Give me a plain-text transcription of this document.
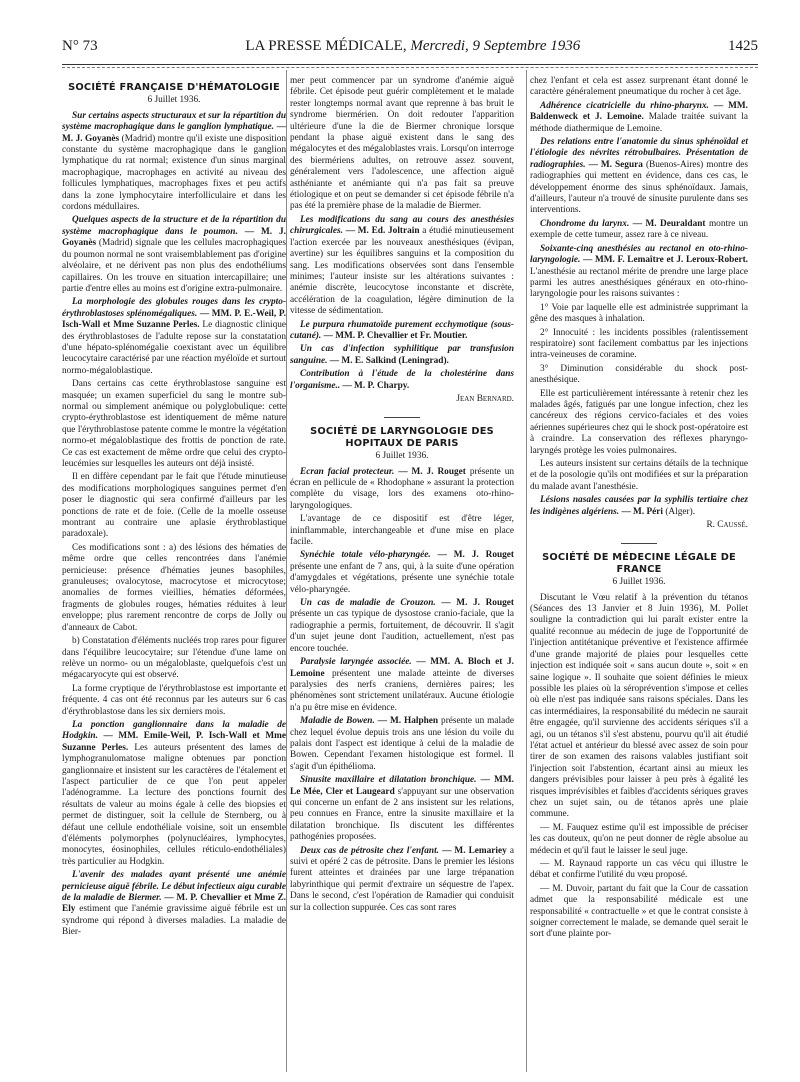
N° 73	LA PRESSE MÉDICALE, Mercredi, 9 Septembre 1936	1425
SOCIÉTÉ FRANÇAISE D'HÉMATOLOGIE
6 Juillet 1936.

Sur certains aspects structuraux et sur la répartition du système macrophagique dans le ganglion lymphatique. — M. J. Goyanès (Madrid) montre qu'il existe une disposition constante du système macrophagique dans le ganglion lymphatique du rat normal; existence d'un sinus marginal macrophagique, macrophages en activité au niveau des follicules lymphatiques, macrophages fixes et peu actifs dans la zone lymphocytaire interfolliculaire et dans les cordons médullaires.

Quelques aspects de la structure et de la répartition du système macrophagique dans le poumon. — M. J. Goyanès (Madrid) signale que les cellules macrophagiques du poumon normal ne sont vraisemblablement pas d'origine alvéolaire, et ne dérivent pas non plus des endothéliums capillaires. On les trouve en situation intercapillaire; une partie d'entre elles au moins est d'origine extra-pulmonaire.

La morphologie des globules rouges dans les crypto-érythroblastoses splénomégaliques. — MM. P. E.-Weil, P. Isch-Wall et Mme Suzanne Perles. Le diagnostic clinique des érythroblastoses de l'adulte repose sur la constatation d'une hépato-splénomégalie coexistant avec un équilibre leucocytaire caractérisé par une réaction myéloïde et surtout normo-mégaloblastique.

Dans certains cas cette érythroblastose sanguine est masquée; un examen superficiel du sang le montre sub-normal ou simplement anémique ou polyglobulique: cette crypto-érythroblastose est identiquement de même nature que l'érythroblastose patente comme le montre la végétation normo-et mégaloblastique des frottis de ponction de rate. Ce cas est exactement de même ordre que celui des crypto-leucémies sur lesquelles les auteurs ont déjà insisté.

Il en diffère cependant par le fait que l'étude minutieuse des modifications morphologiques sanguines permet d'en poser le diagnostic qui sera confirmé d'ailleurs par les ponctions de rate et de foie. (Celle de la moelle osseuse montrant au contraire une aplasie érythroblastique paradoxale).

Ces modifications sont : a) des lésions des hématies de même ordre que celles rencontrées dans l'anémie pernicieuse: présence d'hématies jeunes basophiles, granuleuses; ovalocytose, macrocytose et microcytose; anomalies de formes vieillies, hématies déformées, fragments de globules rouges, hématies réduites à leur enveloppe; plus rarement rencontre de corps de Jolly ou d'anneaux de Cabot.

b) Constatation d'éléments nucléés trop rares pour figurer dans l'équilibre leucocytaire; sur l'étendue d'une lame on relève un normo- ou un mégaloblaste, quelquefois c'est un mégacaryocyte qui est observé.

La forme cryptique de l'érythroblastose est importante et fréquente. 4 cas ont été reconnus par les auteurs sur 6 cas d'érythroblastose dans les six derniers mois.

La ponction ganglionnaire dans la maladie de Hodgkin. — MM. Emile-Weil, P. Isch-Wall et Mme Suzanne Perles. Les auteurs présentent des lames de lymphogranulomatose maligne obtenues par ponction ganglionnaire et insistent sur les caractères de l'étalement et l'aspect particulier de ce que l'on peut appeler l'adénogramme. La lecture des ponctions fournit des résultats de valeur au moins égale à celle des biopsies et permet de distinguer, soit la cellule de Sternberg, ou à défaut une cellule endothéliale voisine, soit un ensemble d'éléments polymorphes (polynucléaires, lymphocytes, monocytes, éosinophiles, cellules réticulo-endothéliales) très particulier au Hodgkin.

L'avenir des malades ayant présenté une anémie pernicieuse aiguë fébrile. Le début infectieux aigu curable de la maladie de Biermer. — M. P. Chevallier et Mme Z. Ely estiment que l'anémie gravissime aiguë fébrile est un syndrome qui répond à diverses maladies. La maladie de Bier-

mer peut commencer par un syndrome d'anémie aiguë fébrile. Cet épisode peut guérir complètement et le malade rester longtemps normal avant que reprenne à bas bruit le syndrome biermérien. On doit redouter l'apparition ultérieure d'une la die de Biermer chronique lorsque pendant la phase aiguë existent dans le sang des mégalocytes et des mégaloblastes vrais. Lorsqu'on interroge des biermériens adultes, on retrouve assez souvent, généralement vers l'adolescence, une affection aiguë asthéniante et anémiante qui n'a pas fait sa preuve étiologique et on peut se demander si cet épisode fébrile n'a pas été la première phase de la maladie de Biermer.

Les modifications du sang au cours des anesthésies chirurgicales. — M. Ed. Joltrain a étudié minutieusement l'action exercée par les nouveaux anesthésiques (évipan, avertine) sur les équilibres sanguins et la composition du sang. Les modifications observées sont dans l'ensemble minimes; l'auteur insiste sur les altérations suivantes : anémie discrète, leucocytose inconstante et discrète, accélération de la coagulation, légère diminution de la vitesse de sédimentation.

Le purpura rhumatoïde purement ecchymotique (sous-cutané). — MM. P. Chevallier et Fr. Moutier.

Un cas d'infection syphilitique par transfusion sanguine. — M. E. Salkind (Leningrad).

Contribution à l'étude de la cholestérine dans l'organisme.. — M. P. Charpy.

Jean Bernard.
SOCIÉTÉ DE LARYNGOLOGIE DES HOPITAUX DE PARIS
6 Juillet 1936.

Ecran facial protecteur. — M. J. Rouget présente un écran en pellicule de « Rhodophane » assurant la protection complète du visage, lors des examens oto-rhino-laryngologiques.

L'avantage de ce dispositif est d'être léger, ininflammable, interchangeable et d'une mise en place facile.

Synéchie totale vélo-pharyngée. — M. J. Rouget présente une enfant de 7 ans, qui, à la suite d'une opération d'amygdales et végétations, présente une synéchie totale vélo-pharyngée.

Un cas de maladie de Crouzon. — M. J. Rouget présente un cas typique de dysostose cranio-faciale, que la radiographie a permis, fortuitement, de découvrir. Il s'agit d'un sujet jeune dont l'audition, actuellement, n'est pas encore touchée.

Paralysie laryngée associée. — MM. A. Bloch et J. Lemoine présentent une malade atteinte de diverses paralysies des nerfs craniens, dernières paires; les phénomènes sont strictement unilatéraux. Aucune étiologie n'a pu être mise en évidence.

Maladie de Bowen. — M. Halphen présente un malade chez lequel évolue depuis trois ans une lésion du voile du palais dont l'aspect est identique à celui de la maladie de Bowen. Cependant l'examen histologique est formel. Il s'agit d'un épithélioma.

Sinusite maxillaire et dilatation bronchique. — MM. Le Mée, Cler et Laugeard s'appuyant sur une observation qui concerne un enfant de 2 ans insistent sur les relations, peu connues en France, entre la sinusite maxillaire et la dilatation bronchique. Ils discutent les différentes pathogénies proposées.

Deux cas de pétrosite chez l'enfant. — M. Lemariey a suivi et opéré 2 cas de pétrosite. Dans le premier les lésions furent atteintes et drainées par une large trépanation labyrinthique qui permit d'extraire un séquestre de l'apex. Dans le second, c'est l'opération de Ramadier qui conduisit sur la collection suppurée. Ces cas sont rares

chez l'enfant et cela est assez surprenant étant donné le caractère généralement pneumatique du rocher à cet âge.

Adhérence cicatricielle du rhino-pharynx. — MM. Baldenweck et J. Lemoine. Malade traitée suivant la méthode diathermique de Lemoine.

Des relations entre l'anatomie du sinus sphénoïdal et l'étiologie des névrites rétrobulbaires. Présentation de radiographies. — M. Segura (Buenos-Aires) montre des radiographies qui mettent en évidence, dans ces cas, le développement énorme des sinus sphénoïdaux. Jamais, d'ailleurs, l'auteur n'a trouvé de sinusite purulente dans ses interventions.

Chondrome du larynx. — M. Deuraldant montre un exemple de cette tumeur, assez rare à ce niveau.

Soixante-cinq anesthésies au rectanol en oto-rhino-laryngologie. — MM. F. Lemaître et J. Leroux-Robert. L'anesthésie au rectanol mérite de prendre une large place parmi les autres anesthésiques généraux en oto-rhino-laryngologie pour les raisons suivantes :

1° Voie par laquelle elle est administrée supprimant la gêne des masques à inhalation.

2° Innocuité : les incidents possibles (ralentissement respiratoire) sont facilement combattus par les injections intra-veineuses de coramine.

3° Diminution considérable du shock post-anesthésique.

Elle est particulièrement intéressante à retenir chez les malades âgés, fatigués par une longue infection, chez les cancéreux des régions cervico-faciales et des voies aériennes supérieures chez qui le shock post-opératoire est à craindre. La conservation des réflexes pharyngo-laryngés protège les voies pulmonaires.

Les auteurs insistent sur certains détails de la technique et de la posologie qu'ils ont modifiées et sur la préparation du malade avant l'anesthésie.

Lésions nasales causées par la syphilis tertiaire chez les indigènes algériens. — M. Péri (Alger).

R. Caussé.
SOCIÉTÉ DE MÉDECINE LÉGALE DE FRANCE
6 Juillet 1936.

Discutant le Vœu relatif à la prévention du tétanos (Séances des 13 Janvier et 8 Juin 1936), M. Pollet souligne la contradiction qui lui paraît exister entre la qualité reconnue au médecin de juge de l'opportunité de l'injection antitétanique préventive et l'existence affirmée d'une grande majorité de plaies pour lesquelles cette injection est indiquée soit « sans aucun doute », soit « en saine logique ». Il souhaite que soient définies le mieux possible les plaies où la séroprévention s'impose et celles où elle n'est pas indiquée sans raisons spéciales. Dans les cas intermédiaires, la responsabilité du médecin ne saurait être engagée, qu'il survienne des accidents sériques s'il a agi, ou un tétanos s'il s'est abstenu, pourvu qu'il ait étudié l'état actuel et antérieur du blessé avec assez de soin pour tirer de son examen des raisons valables justifiant soit l'injection soit l'abstention, écartant ainsi au mieux les dangers prévisibles pour laisser à peu près à égalité les risques imprévisibles et faibles d'accidents sériques graves chez un sujet sain, ou de tétanos après une plaie commune.

— M. Fauquez estime qu'il est impossible de préciser les cas douteux, qu'on ne peut donner de règle absolue au médecin et qu'il faut le laisser le seul juge.

— M. Raynaud rapporte un cas vécu qui illustre le débat et confirme l'utilité du vœu proposé.

— M. Duvoir, partant du fait que la Cour de cassation admet que la responsabilité médicale est une responsabilité « contractuelle » et que le contrat consiste à soigner correctement le malade, se demande quel serait le sort d'une plainte por-
